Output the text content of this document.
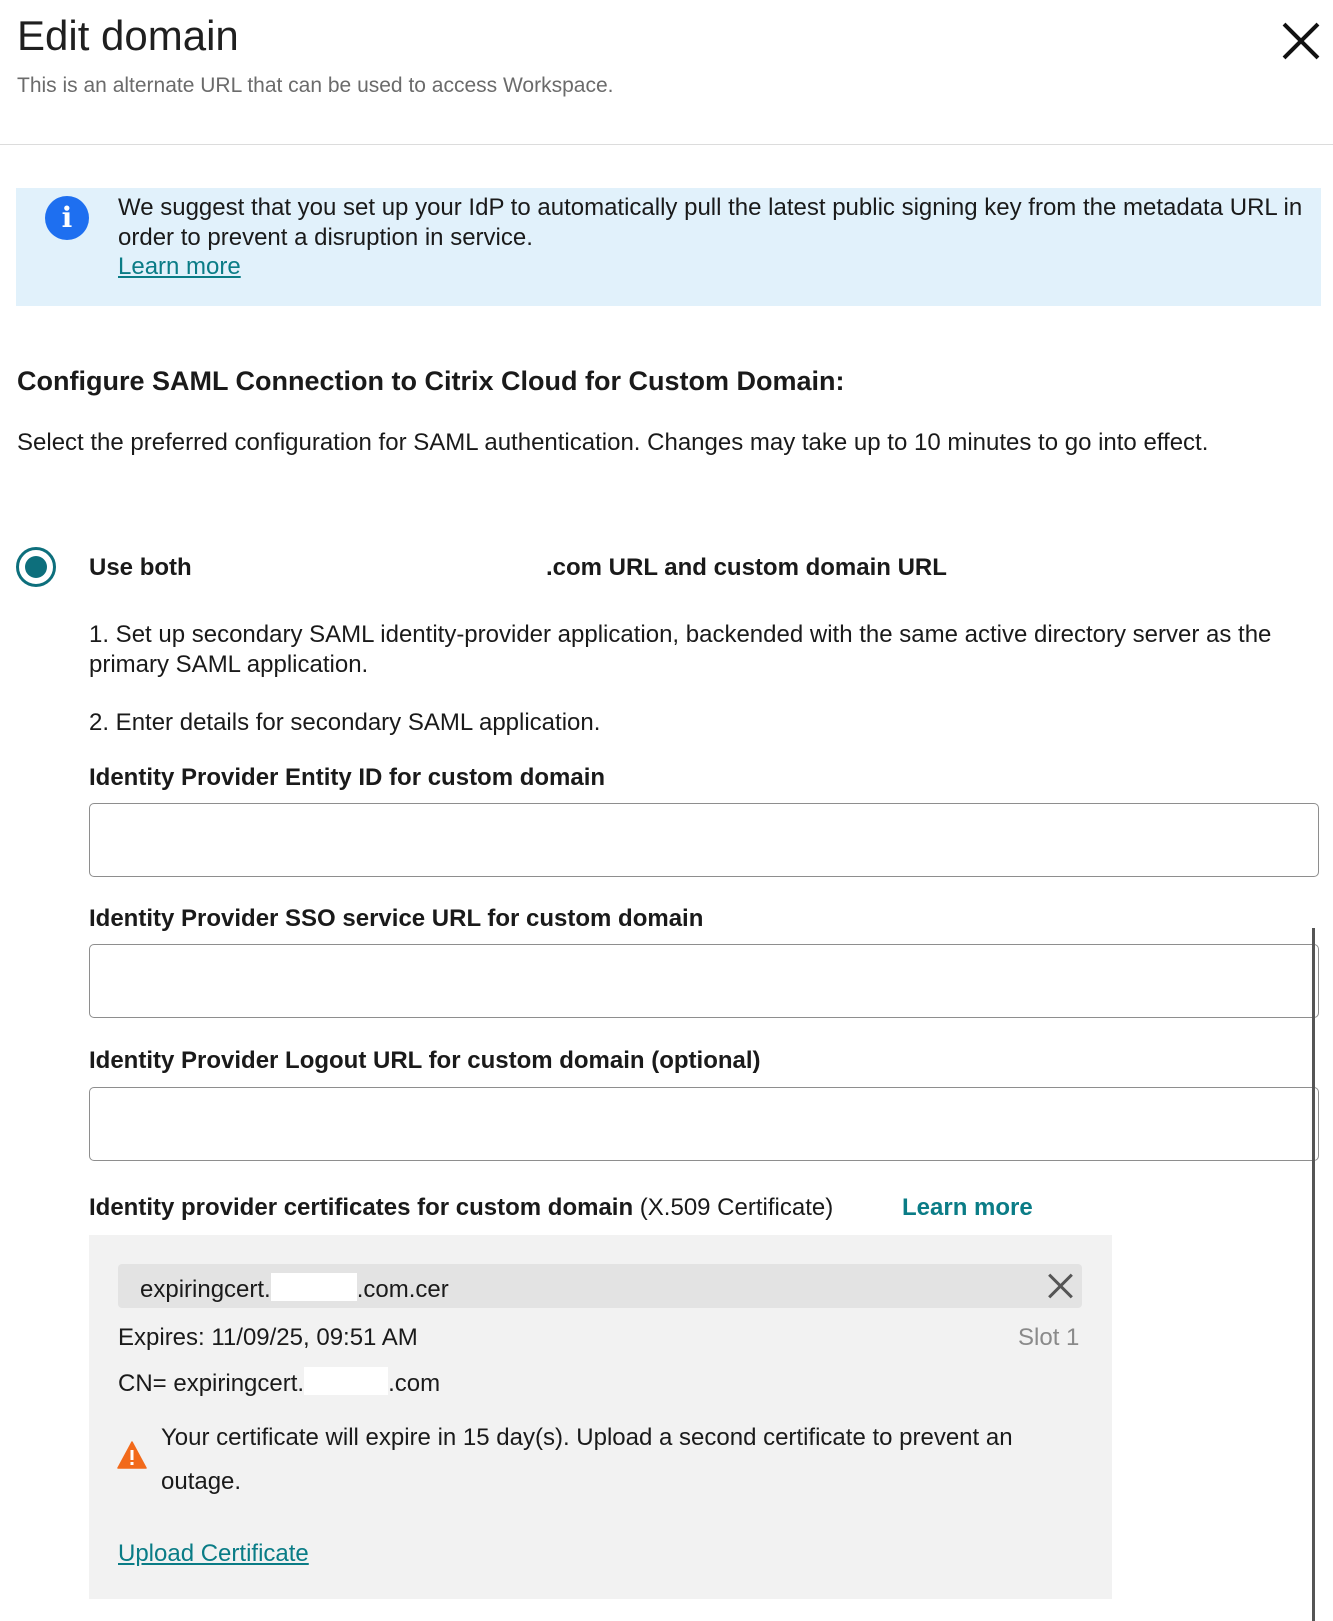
Edit domain
This is an alternate URL that can be used to access Workspace.
i	We suggest that you set up your IdP to automatically pull the latest public signing key from the metadata URL in order to prevent a disruption in service.
Learn more
Configure SAML Connection to Citrix Cloud for Custom Domain:
Select the preferred configuration for SAML authentication. Changes may take up to 10 minutes to go into effect.
Use both	.com URL and custom domain URL
1. Set up secondary SAML identity-provider application, backended with the same active directory server as the primary SAML application.
2. Enter details for secondary SAML application.
Identity Provider Entity ID for custom domain
Identity Provider SSO service URL for custom domain
Identity Provider Logout URL for custom domain (optional)
Identity provider certificates for custom domain (X.509 Certificate)	Learn more
expiringcert.	.com.cer
Expires: 11/09/25, 09:51 AM	Slot 1
CN= expiringcert.	.com
Your certificate will expire in 15 day(s). Upload a second certificate to prevent an outage.
Upload Certificate
